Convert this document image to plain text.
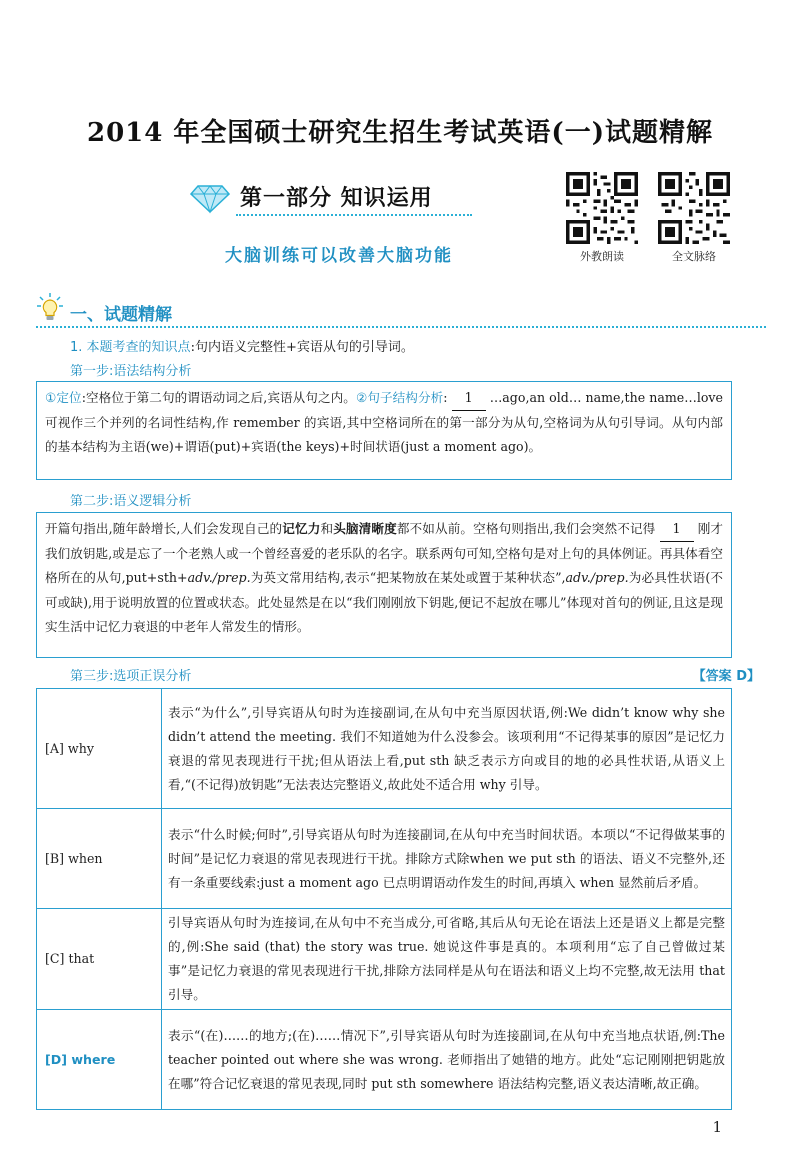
2014 年全国硕士研究生招生考试英语(一)试题精解
第一部分 知识运用
大脑训练可以改善大脑功能	外教朗读	全文脉络
一、试题精解
1. 本题考查的知识点:句内语义完整性+宾语从句的引导词。
第一步:语法结构分析

①定位:空格位于第二句的谓语动词之后,宾语从句之内。②句子结构分析: 1 …ago,an old… name,the name…love 可视作三个并列的名词性结构,作 remember 的宾语,其中空格词所在的第一部分为从句,空格词为从句引导词。从句内部的基本结构为主语(we)+谓语(put)+宾语(the keys)+时间状语(just a moment ago)。

第二步:语义逻辑分析

开篇句指出,随年龄增长,人们会发现自己的记忆力和头脑清晰度都不如从前。空格句则指出,我们会突然不记得 1 刚才我们放钥匙,或是忘了一个老熟人或一个曾经喜爱的老乐队的名字。联系两句可知,空格句是对上句的具体例证。再具体看空格所在的从句,put+sth+adv./prep.为英文常用结构,表示“把某物放在某处或置于某种状态”,adv./prep.为必具性状语(不可或缺),用于说明放置的位置或状态。此处显然是在以“我们刚刚放下钥匙,便记不起放在哪儿”体现对首句的例证,且这是现实生活中记忆力衰退的中老年人常发生的情形。

第三步:选项正误分析	【答案 D】
[A] why	表示“为什么”,引导宾语从句时为连接副词,在从句中充当原因状语,例:We didn’t know why she didn’t attend the meeting. 我们不知道她为什么没参会。该项利用“不记得某事的原因”是记忆力衰退的常见表现进行干扰;但从语法上看,put sth 缺乏表示方向或目的地的必具性状语,从语义上看,“(不记得)放钥匙”无法表达完整语义,故此处不适合用 why 引导。
[B] when	表示“什么时候;何时”,引导宾语从句时为连接副词,在从句中充当时间状语。本项以“不记得做某事的时间”是记忆力衰退的常见表现进行干扰。排除方式除when we put sth 的语法、语义不完整外,还有一条重要线索:just a moment ago 已点明谓语动作发生的时间,再填入 when 显然前后矛盾。
[C] that	引导宾语从句时为连接词,在从句中不充当成分,可省略,其后从句无论在语法上还是语义上都是完整的,例:She said (that) the story was true. 她说这件事是真的。本项利用“忘了自己曾做过某事”是记忆力衰退的常见表现进行干扰,排除方法同样是从句在语法和语义上均不完整,故无法用 that 引导。
[D] where	表示“(在)……的地方;(在)……情况下”,引导宾语从句时为连接副词,在从句中充当地点状语,例:The teacher pointed out where she was wrong. 老师指出了她错的地方。此处“忘记刚刚把钥匙放在哪”符合记忆衰退的常见表现,同时 put sth somewhere 语法结构完整,语义表达清晰,故正确。
1
